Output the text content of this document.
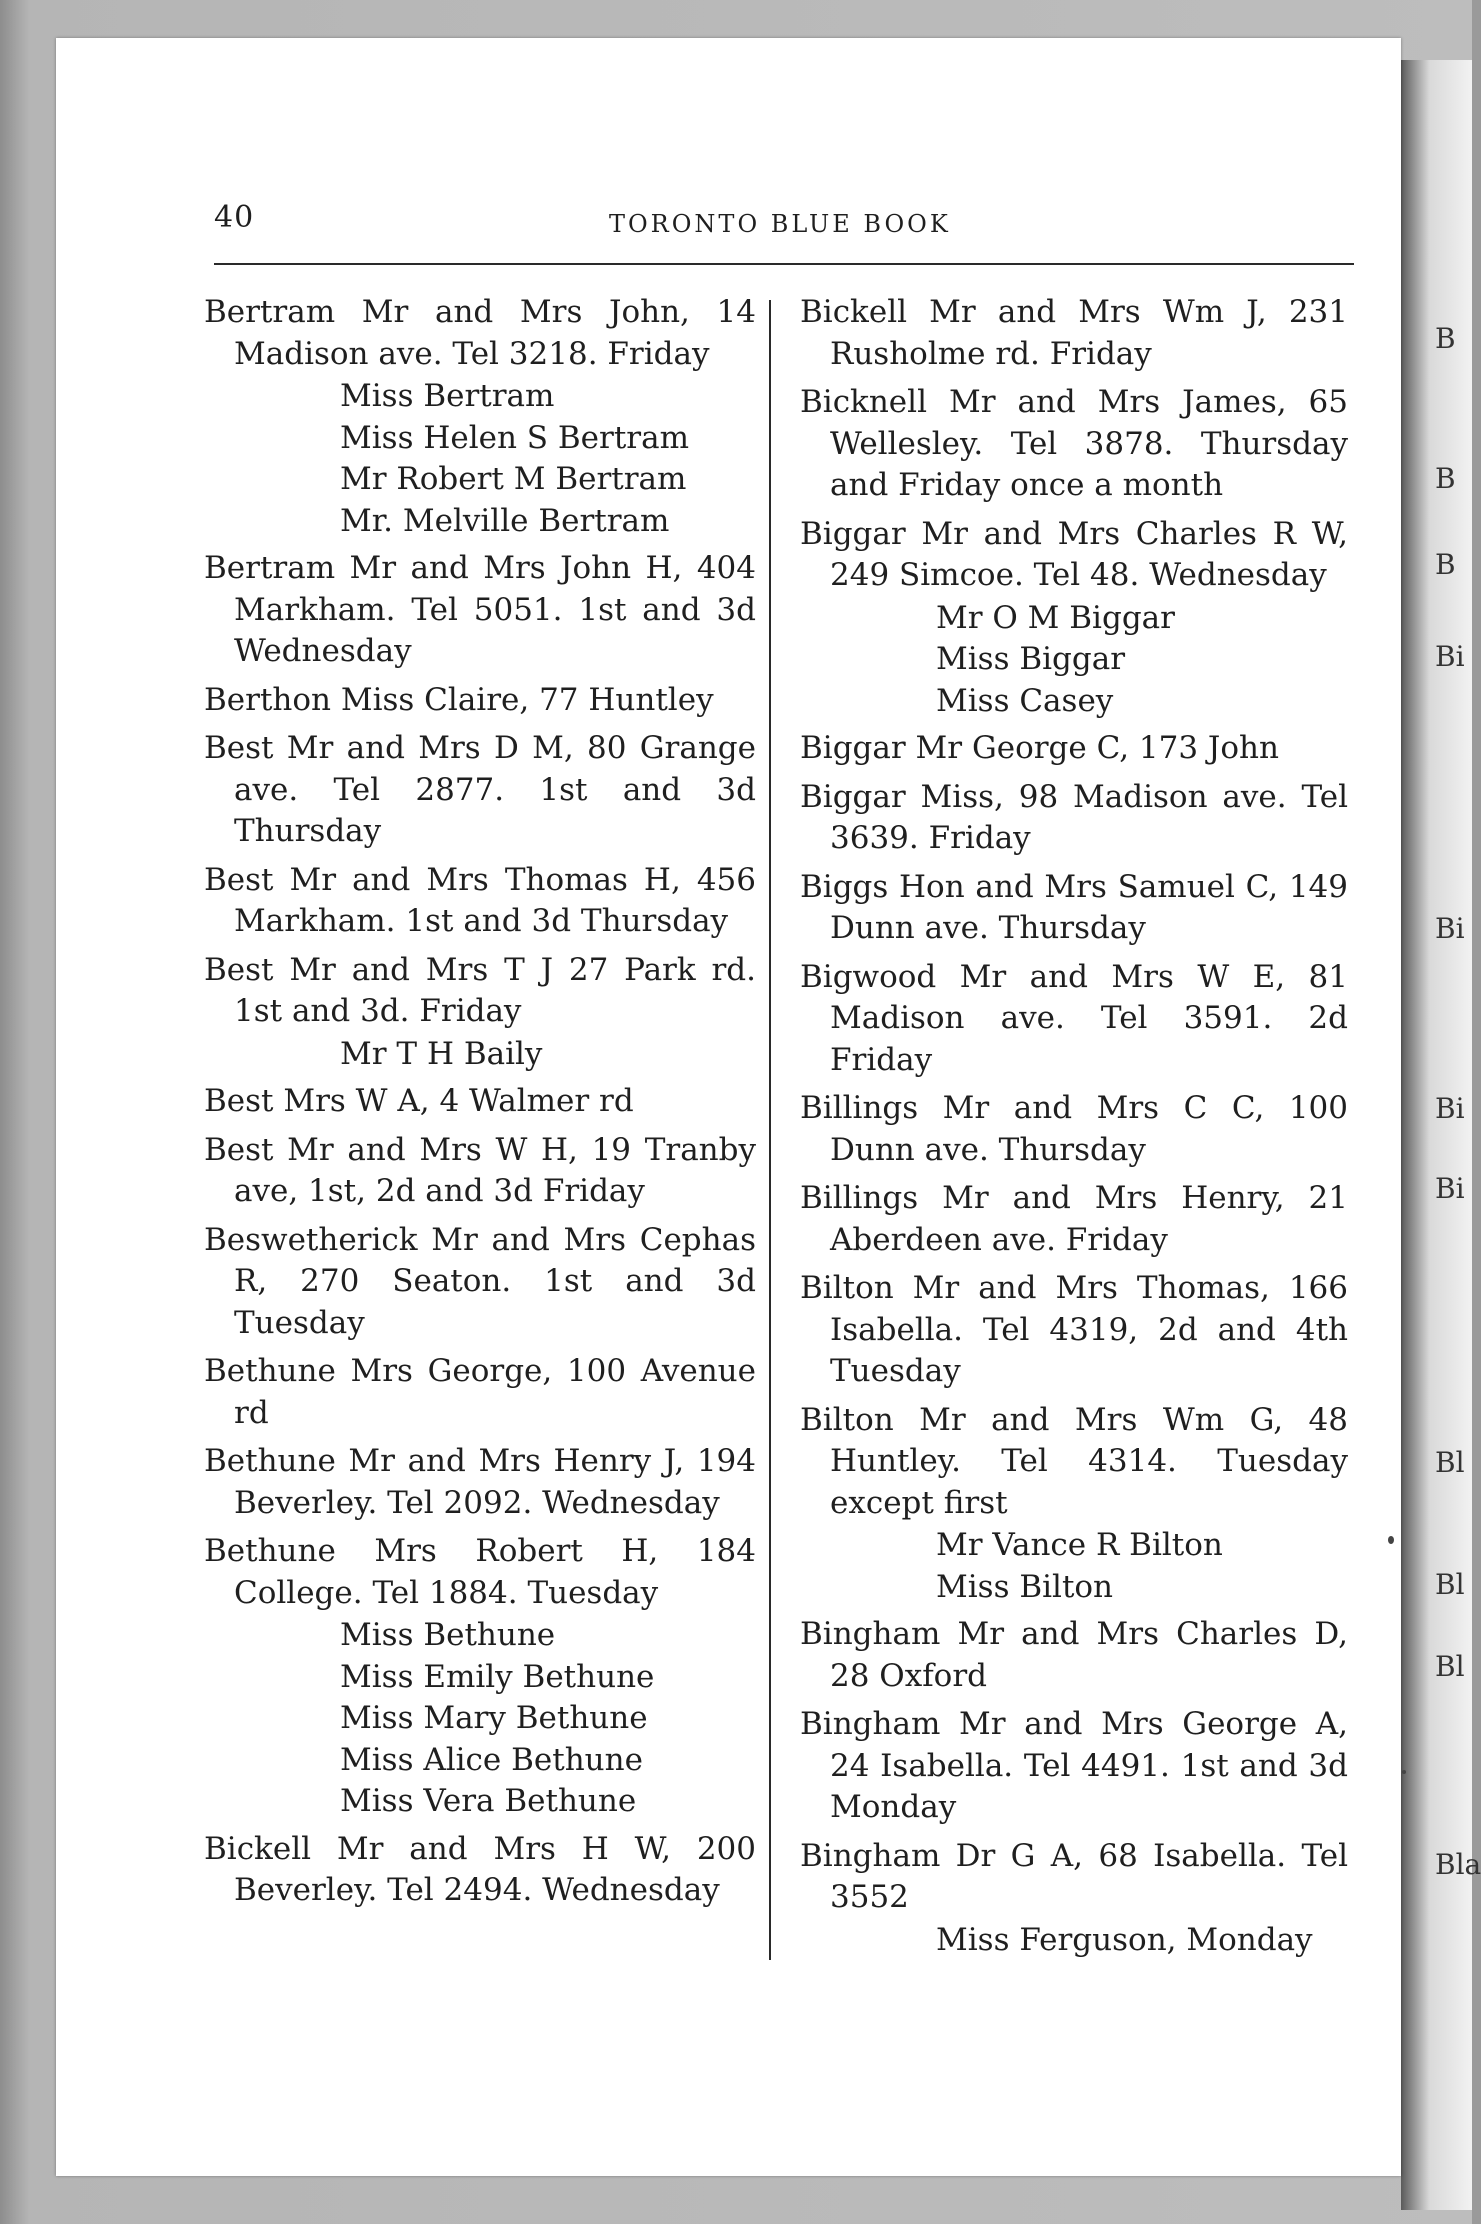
B
B
B
Bi
Bi
Bi
Bi
Bl
Bl
Bl
Bla
40	TORONTO BLUE BOOK
Bertram Mr and Mrs John, 14 Madison ave. Tel 3218. Friday
Miss Bertram
Miss Helen S Bertram
Mr Robert M Bertram
Mr. Melville Bertram
Bertram Mr and Mrs John H, 404 Markham. Tel 5051. 1st and 3d Wednesday
Berthon Miss Claire, 77 Huntley
Best Mr and Mrs D M, 80 Grange ave. Tel 2877. 1st and 3d Thursday
Best Mr and Mrs Thomas H, 456 Markham. 1st and 3d Thursday
Best Mr and Mrs T J 27 Park rd. 1st and 3d. Friday
Mr T H Baily
Best Mrs W A, 4 Walmer rd
Best Mr and Mrs W H, 19 Tranby ave, 1st, 2d and 3d Friday
Beswetherick Mr and Mrs Cephas R, 270 Seaton. 1st and 3d Tuesday
Bethune Mrs George, 100 Avenue rd
Bethune Mr and Mrs Henry J, 194 Beverley. Tel 2092. Wednesday
Bethune Mrs Robert H, 184 College. Tel 1884. Tuesday
Miss Bethune
Miss Emily Bethune
Miss Mary Bethune
Miss Alice Bethune
Miss Vera Bethune
Bickell Mr and Mrs H W, 200 Beverley. Tel 2494. Wednesday
Bickell Mr and Mrs Wm J, 231 Rusholme rd. Friday
Bicknell Mr and Mrs James, 65 Wellesley. Tel 3878. Thursday and Friday once a month
Biggar Mr and Mrs Charles R W, 249 Simcoe. Tel 48. Wednesday
Mr O M Biggar
Miss Biggar
Miss Casey
Biggar Mr George C, 173 John
Biggar Miss, 98 Madison ave. Tel 3639. Friday
Biggs Hon and Mrs Samuel C, 149 Dunn ave. Thursday
Bigwood Mr and Mrs W E, 81 Madison ave. Tel 3591. 2d Friday
Billings Mr and Mrs C C, 100 Dunn ave. Thursday
Billings Mr and Mrs Henry, 21 Aberdeen ave. Friday
Bilton Mr and Mrs Thomas, 166 Isabella. Tel 4319, 2d and 4th Tuesday
Bilton Mr and Mrs Wm G, 48 Huntley. Tel 4314. Tuesday except first
Mr Vance R Bilton
Miss Bilton
Bingham Mr and Mrs Charles D, 28 Oxford
Bingham Mr and Mrs George A, 24 Isabella. Tel 4491. 1st and 3d Monday
Bingham Dr G A, 68 Isabella. Tel 3552
Miss Ferguson, Monday
